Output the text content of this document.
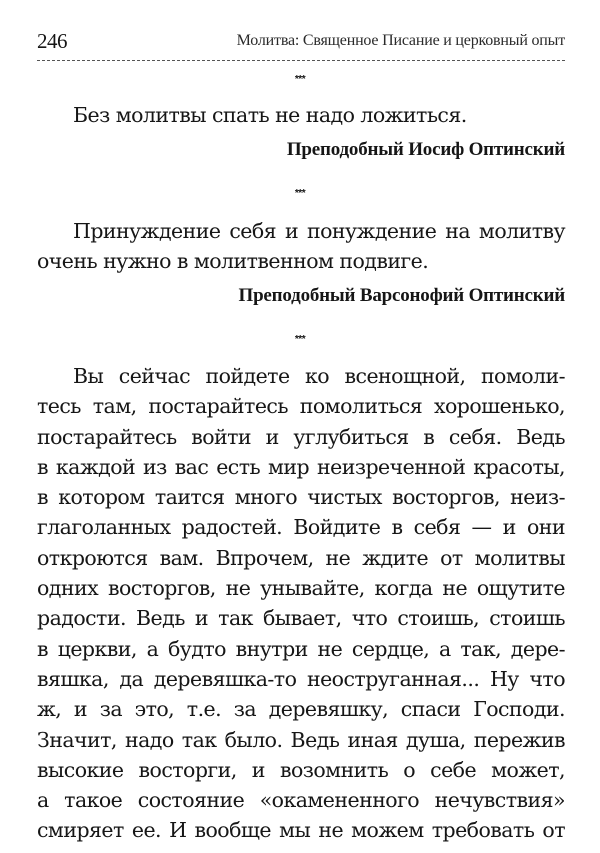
246	Молитва: Священное Писание и церковный опыт
***
Без молитвы спать не надо ложиться.
Преподобный Иосиф Оптинский
***
Принуждение себя и понуждение на молитву
очень нужно в молитвенном подвиге.
Преподобный Варсонофий Оптинский
***
Вы сейчас пойдете ко всенощной, помоли-
тесь там, постарайтесь помолиться хорошенько,
постарайтесь войти и углубиться в себя. Ведь
в каждой из вас есть мир неизреченной красоты,
в котором таится много чистых восторгов, неиз-
глаголанных радостей. Войдите в себя — и они
откроются вам. Впрочем, не ждите от молитвы
одних восторгов, не унывайте, когда не ощутите
радости. Ведь и так бывает, что стоишь, стоишь
в церкви, а будто внутри не сердце, а так, дере-
вяшка, да деревяшка-то неоструганная... Ну что
ж, и за это, т.е. за деревяшку, спаси Господи.
Значит, надо так было. Ведь иная душа, пережив
высокие восторги, и возомнить о себе может,
а такое состояние «окамененного нечувствия»
смиряет ее. И вообще мы не можем требовать от
